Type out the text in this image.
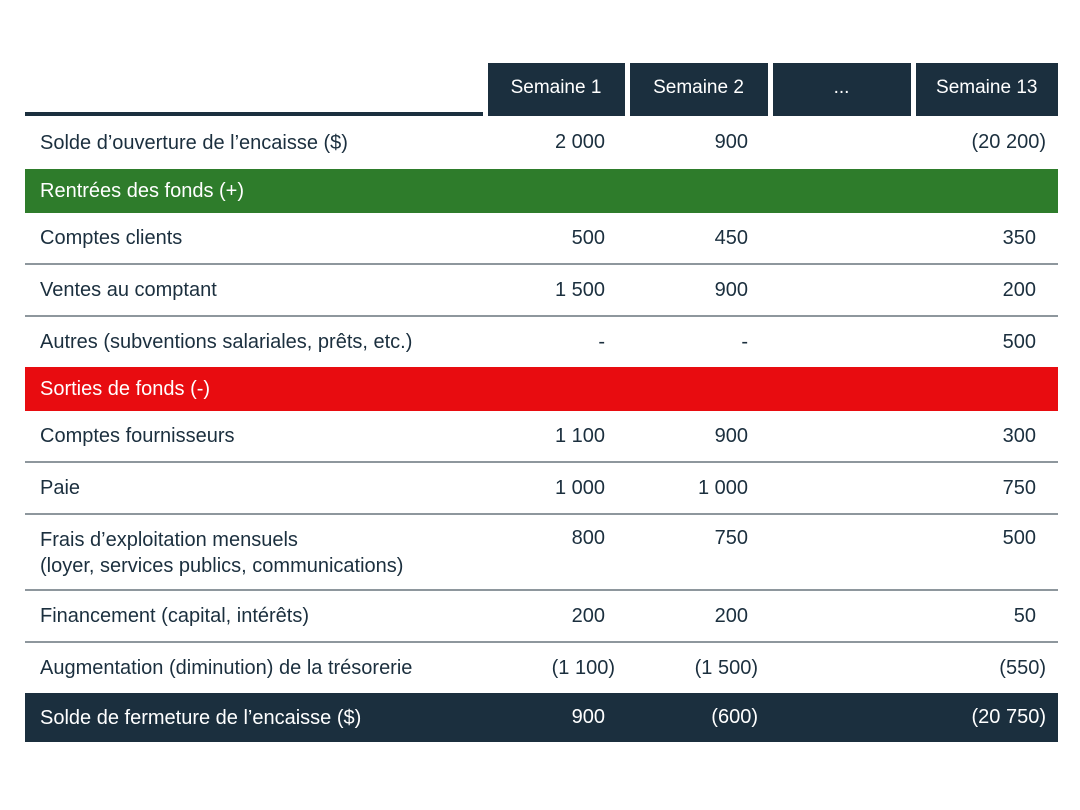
	Semaine 1	Semaine 2	...	Semaine 13

Solde d’ouverture de l’encaisse ($)	2 000	900		(20 200)
Rentrées des fonds (+)				

Comptes clients	500	450		350

Ventes au comptant	1 500	900		200

Autres (subventions salariales, prêts, etc.)	-	-		500
Sorties de fonds (-)				

Comptes fournisseurs	1 100	900		300

Paie	1 000	1 000		750

Frais d’exploitation mensuels
(loyer, services publics, communications)	800	750		500

Financement (capital, intérêts)	200	200		50

Augmentation (diminution) de la trésorerie	(1 100)	(1 500)		(550)

Solde de fermeture de l’encaisse ($)	900	(600)		(20 750)
